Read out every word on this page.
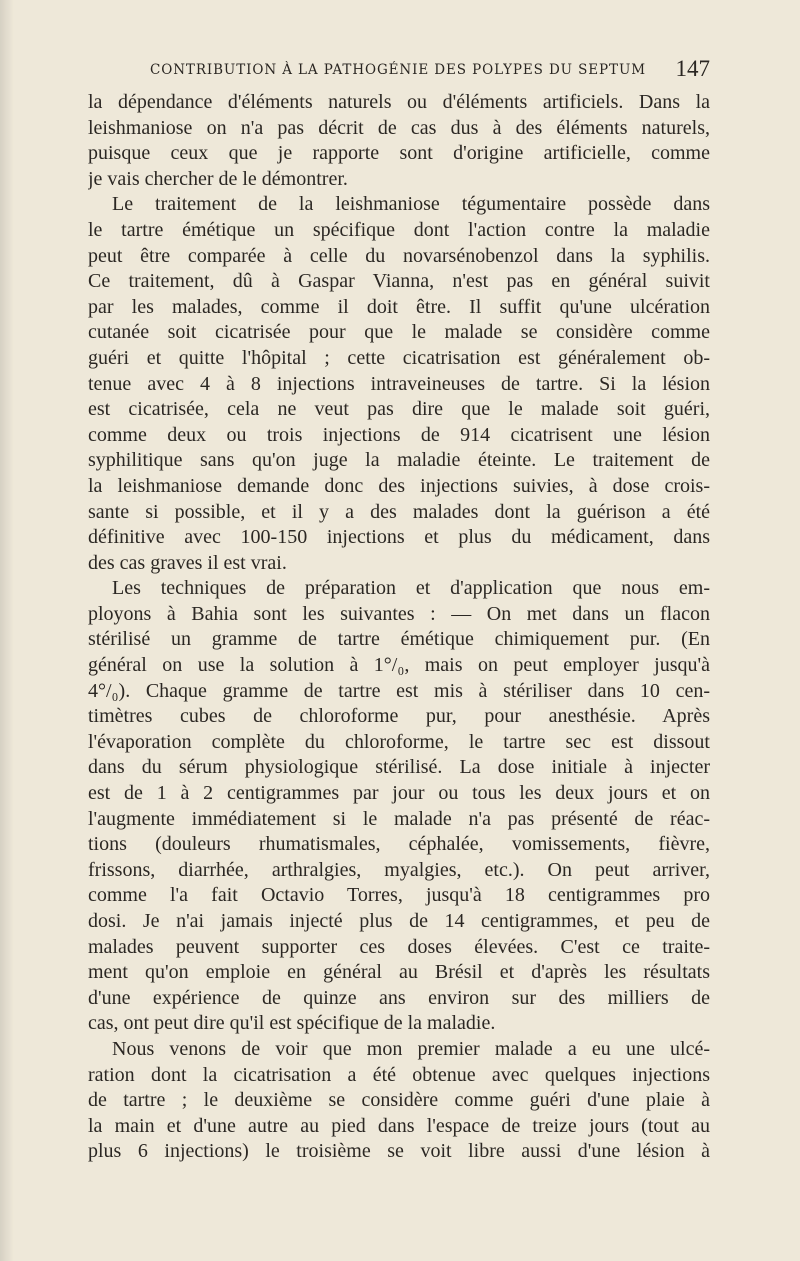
CONTRIBUTION À LA PATHOGÉNIE DES POLYPES DU SEPTUM 147
la dépendance d'éléments naturels ou d'éléments artificiels. Dans la
leishmaniose on n'a pas décrit de cas dus à des éléments naturels,
puisque ceux que je rapporte sont d'origine artificielle, comme
je vais chercher de le démontrer.
Le traitement de la leishmaniose tégumentaire possède dans
le tartre émétique un spécifique dont l'action contre la maladie
peut être comparée à celle du novarsénobenzol dans la syphilis.
Ce traitement, dû à Gaspar Vianna, n'est pas en général suivit
par les malades, comme il doit être. Il suffit qu'une ulcération
cutanée soit cicatrisée pour que le malade se considère comme
guéri et quitte l'hôpital ; cette cicatrisation est généralement ob-
tenue avec 4 à 8 injections intraveineuses de tartre. Si la lésion
est cicatrisée, cela ne veut pas dire que le malade soit guéri,
comme deux ou trois injections de 914 cicatrisent une lésion
syphilitique sans qu'on juge la maladie éteinte. Le traitement de
la leishmaniose demande donc des injections suivies, à dose crois-
sante si possible, et il y a des malades dont la guérison a été
définitive avec 100-150 injections et plus du médicament, dans
des cas graves il est vrai.
Les techniques de préparation et d'application que nous em-
ployons à Bahia sont les suivantes : — On met dans un flacon
stérilisé un gramme de tartre émétique chimiquement pur. (En
général on use la solution à 1°/₀, mais on peut employer jusqu'à
4°/₀). Chaque gramme de tartre est mis à stériliser dans 10 cen-
timètres cubes de chloroforme pur, pour anesthésie. Après
l'évaporation complète du chloroforme, le tartre sec est dissout
dans du sérum physiologique stérilisé. La dose initiale à injecter
est de 1 à 2 centigrammes par jour ou tous les deux jours et on
l'augmente immédiatement si le malade n'a pas présenté de réac-
tions (douleurs rhumatismales, céphalée, vomissements, fièvre,
frissons, diarrhée, arthralgies, myalgies, etc.). On peut arriver,
comme l'a fait Octavio Torres, jusqu'à 18 centigrammes pro
dosi. Je n'ai jamais injecté plus de 14 centigrammes, et peu de
malades peuvent supporter ces doses élevées. C'est ce traite-
ment qu'on emploie en général au Brésil et d'après les résultats
d'une expérience de quinze ans environ sur des milliers de
cas, ont peut dire qu'il est spécifique de la maladie.
Nous venons de voir que mon premier malade a eu une ulcé-
ration dont la cicatrisation a été obtenue avec quelques injections
de tartre ; le deuxième se considère comme guéri d'une plaie à
la main et d'une autre au pied dans l'espace de treize jours (tout au
plus 6 injections) le troisième se voit libre aussi d'une lésion à
